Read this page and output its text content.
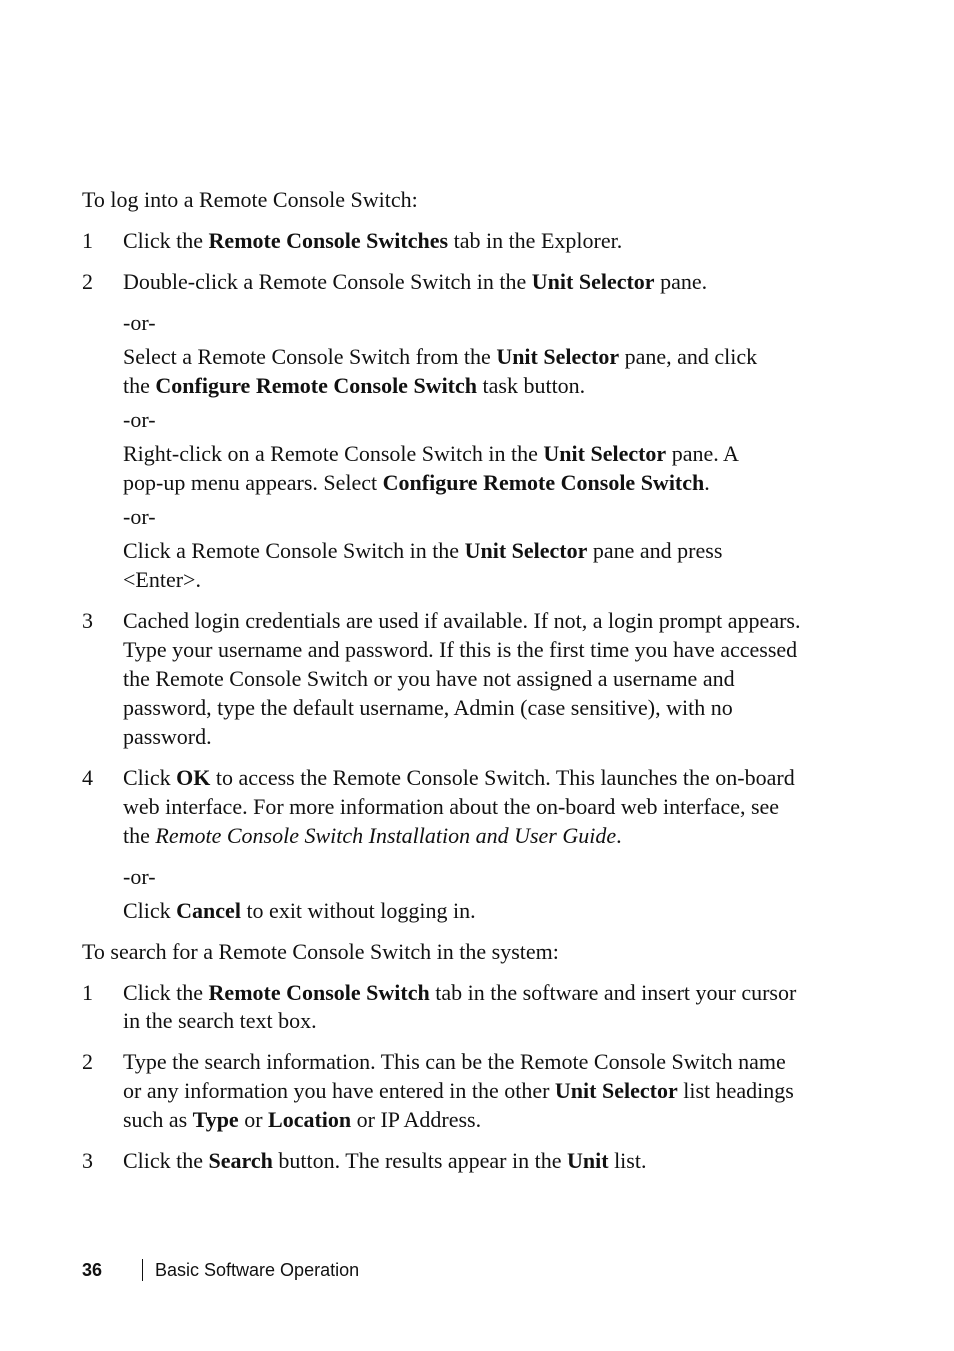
To log into a Remote Console Switch:
1 Click the Remote Console Switches tab in the Explorer.
2 Double-click a Remote Console Switch in the Unit Selector pane.
-or-
Select a Remote Console Switch from the Unit Selector pane, and click
the Configure Remote Console Switch task button.
-or-
Right-click on a Remote Console Switch in the Unit Selector pane. A
pop-up menu appears. Select Configure Remote Console Switch.
-or-
Click a Remote Console Switch in the Unit Selector pane and press
<Enter>.
3 Cached login credentials are used if available. If not, a login prompt appears.
Type your username and password. If this is the first time you have accessed
the Remote Console Switch or you have not assigned a username and
password, type the default username, Admin (case sensitive), with no
password.
4 Click OK to access the Remote Console Switch. This launches the on-board
web interface. For more information about the on-board web interface, see
the Remote Console Switch Installation and User Guide.
-or-
Click Cancel to exit without logging in.
To search for a Remote Console Switch in the system:
1 Click the Remote Console Switch tab in the software and insert your cursor
in the search text box.
2 Type the search information. This can be the Remote Console Switch name
or any information you have entered in the other Unit Selector list headings
such as Type or Location or IP Address.
3 Click the Search button. The results appear in the Unit list.
36	Basic Software Operation
